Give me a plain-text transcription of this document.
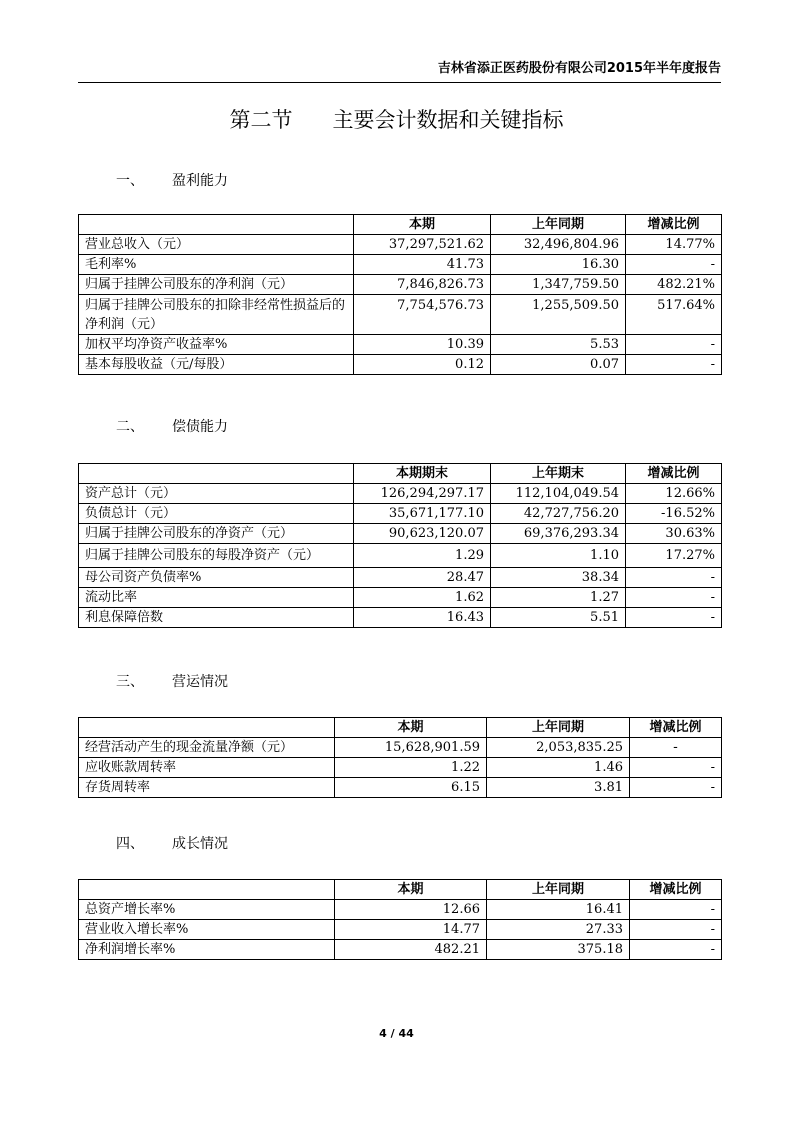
吉林省添正医药股份有限公司2015年半年度报告
第二节 主要会计数据和关键指标
一、 盈利能力
	本期	上年同期	增减比例
营业总收入（元）	37,297,521.62	32,496,804.96	14.77%
毛利率%	41.73	16.30	-
归属于挂牌公司股东的净利润（元）	7,846,826.73	1,347,759.50	482.21%
归属于挂牌公司股东的扣除非经常性损益后的净利润（元）	7,754,576.73	1,255,509.50	517.64%
加权平均净资产收益率%	10.39	5.53	-
基本每股收益（元/每股）	0.12	0.07	-
二、 偿债能力
	本期期末	上年期末	增减比例
资产总计（元）	126,294,297.17	112,104,049.54	12.66%
负债总计（元）	35,671,177.10	42,727,756.20	-16.52%
归属于挂牌公司股东的净资产（元）	90,623,120.07	69,376,293.34	30.63%
归属于挂牌公司股东的每股净资产（元）	1.29	1.10	17.27%
母公司资产负债率%	28.47	38.34	-
流动比率	1.62	1.27	-
利息保障倍数	16.43	5.51	-
三、 营运情况
	本期	上年同期	增减比例
经营活动产生的现金流量净额（元）	15,628,901.59	2,053,835.25	-
应收账款周转率	1.22	1.46	-
存货周转率	6.15	3.81	-
四、 成长情况
	本期	上年同期	增减比例
总资产增长率%	12.66	16.41	-
营业收入增长率%	14.77	27.33	-
净利润增长率%	482.21	375.18	-
4 / 44
